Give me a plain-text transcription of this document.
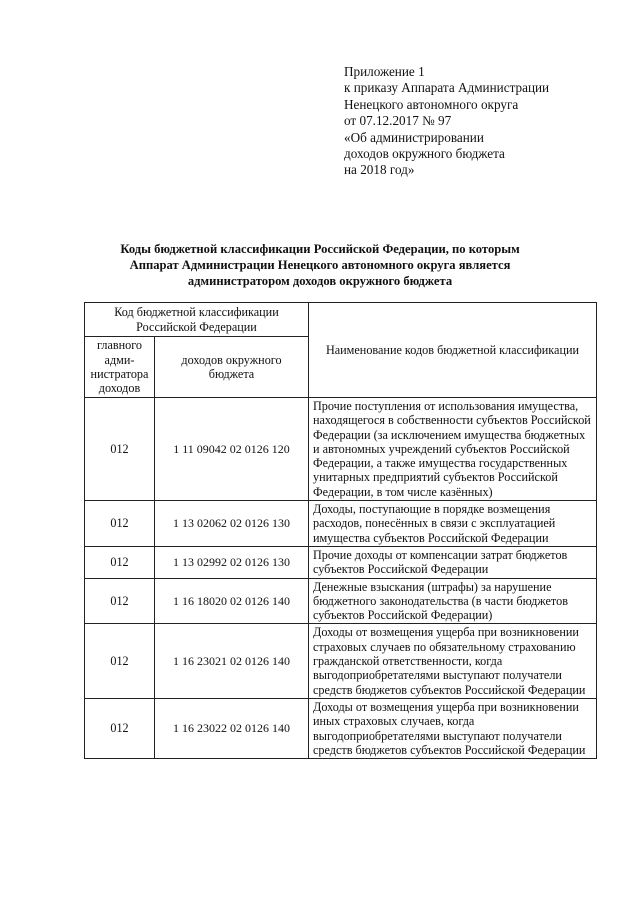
Приложение 1
к приказу Аппарата Администрации
Ненецкого автономного округа
от 07.12.2017 № 97
«Об администрировании
доходов окружного бюджета
на 2018 год»
Коды бюджетной классификации Российской Федерации, по которым
Аппарат Администрации Ненецкого автономного округа является
администратором доходов окружного бюджета
Код бюджетной классификации Российской Федерации		Наименование кодов бюджетной классификации
главного адми-нистратора доходов	доходов окружного бюджета	
012	1 11 09042 02 0126 120	Прочие поступления от использования имущества, находящегося в собственности субъектов Российской Федерации (за исключением имущества бюджетных и автономных учреждений субъектов Российской Федерации, а также имущества государственных унитарных предприятий субъектов Российской Федерации, в том числе казённых)
012	1 13 02062 02 0126 130	Доходы, поступающие в порядке возмещения расходов, понесённых в связи с эксплуатацией имущества субъектов Российской Федерации
012	1 13 02992 02 0126 130	Прочие доходы от компенсации затрат бюджетов субъектов Российской Федерации
012	1 16 18020 02 0126 140	Денежные взыскания (штрафы) за нарушение бюджетного законодательства (в части бюджетов субъектов Российской Федерации)
012	1 16 23021 02 0126 140	Доходы от возмещения ущерба при возникновении страховых случаев по обязательному страхованию гражданской ответственности, когда выгодоприобретателями выступают получатели средств бюджетов субъектов Российской Федерации
012	1 16 23022 02 0126 140	Доходы от возмещения ущерба при возникновении иных страховых случаев, когда выгодоприобретателями выступают получатели средств бюджетов субъектов Российской Федерации
